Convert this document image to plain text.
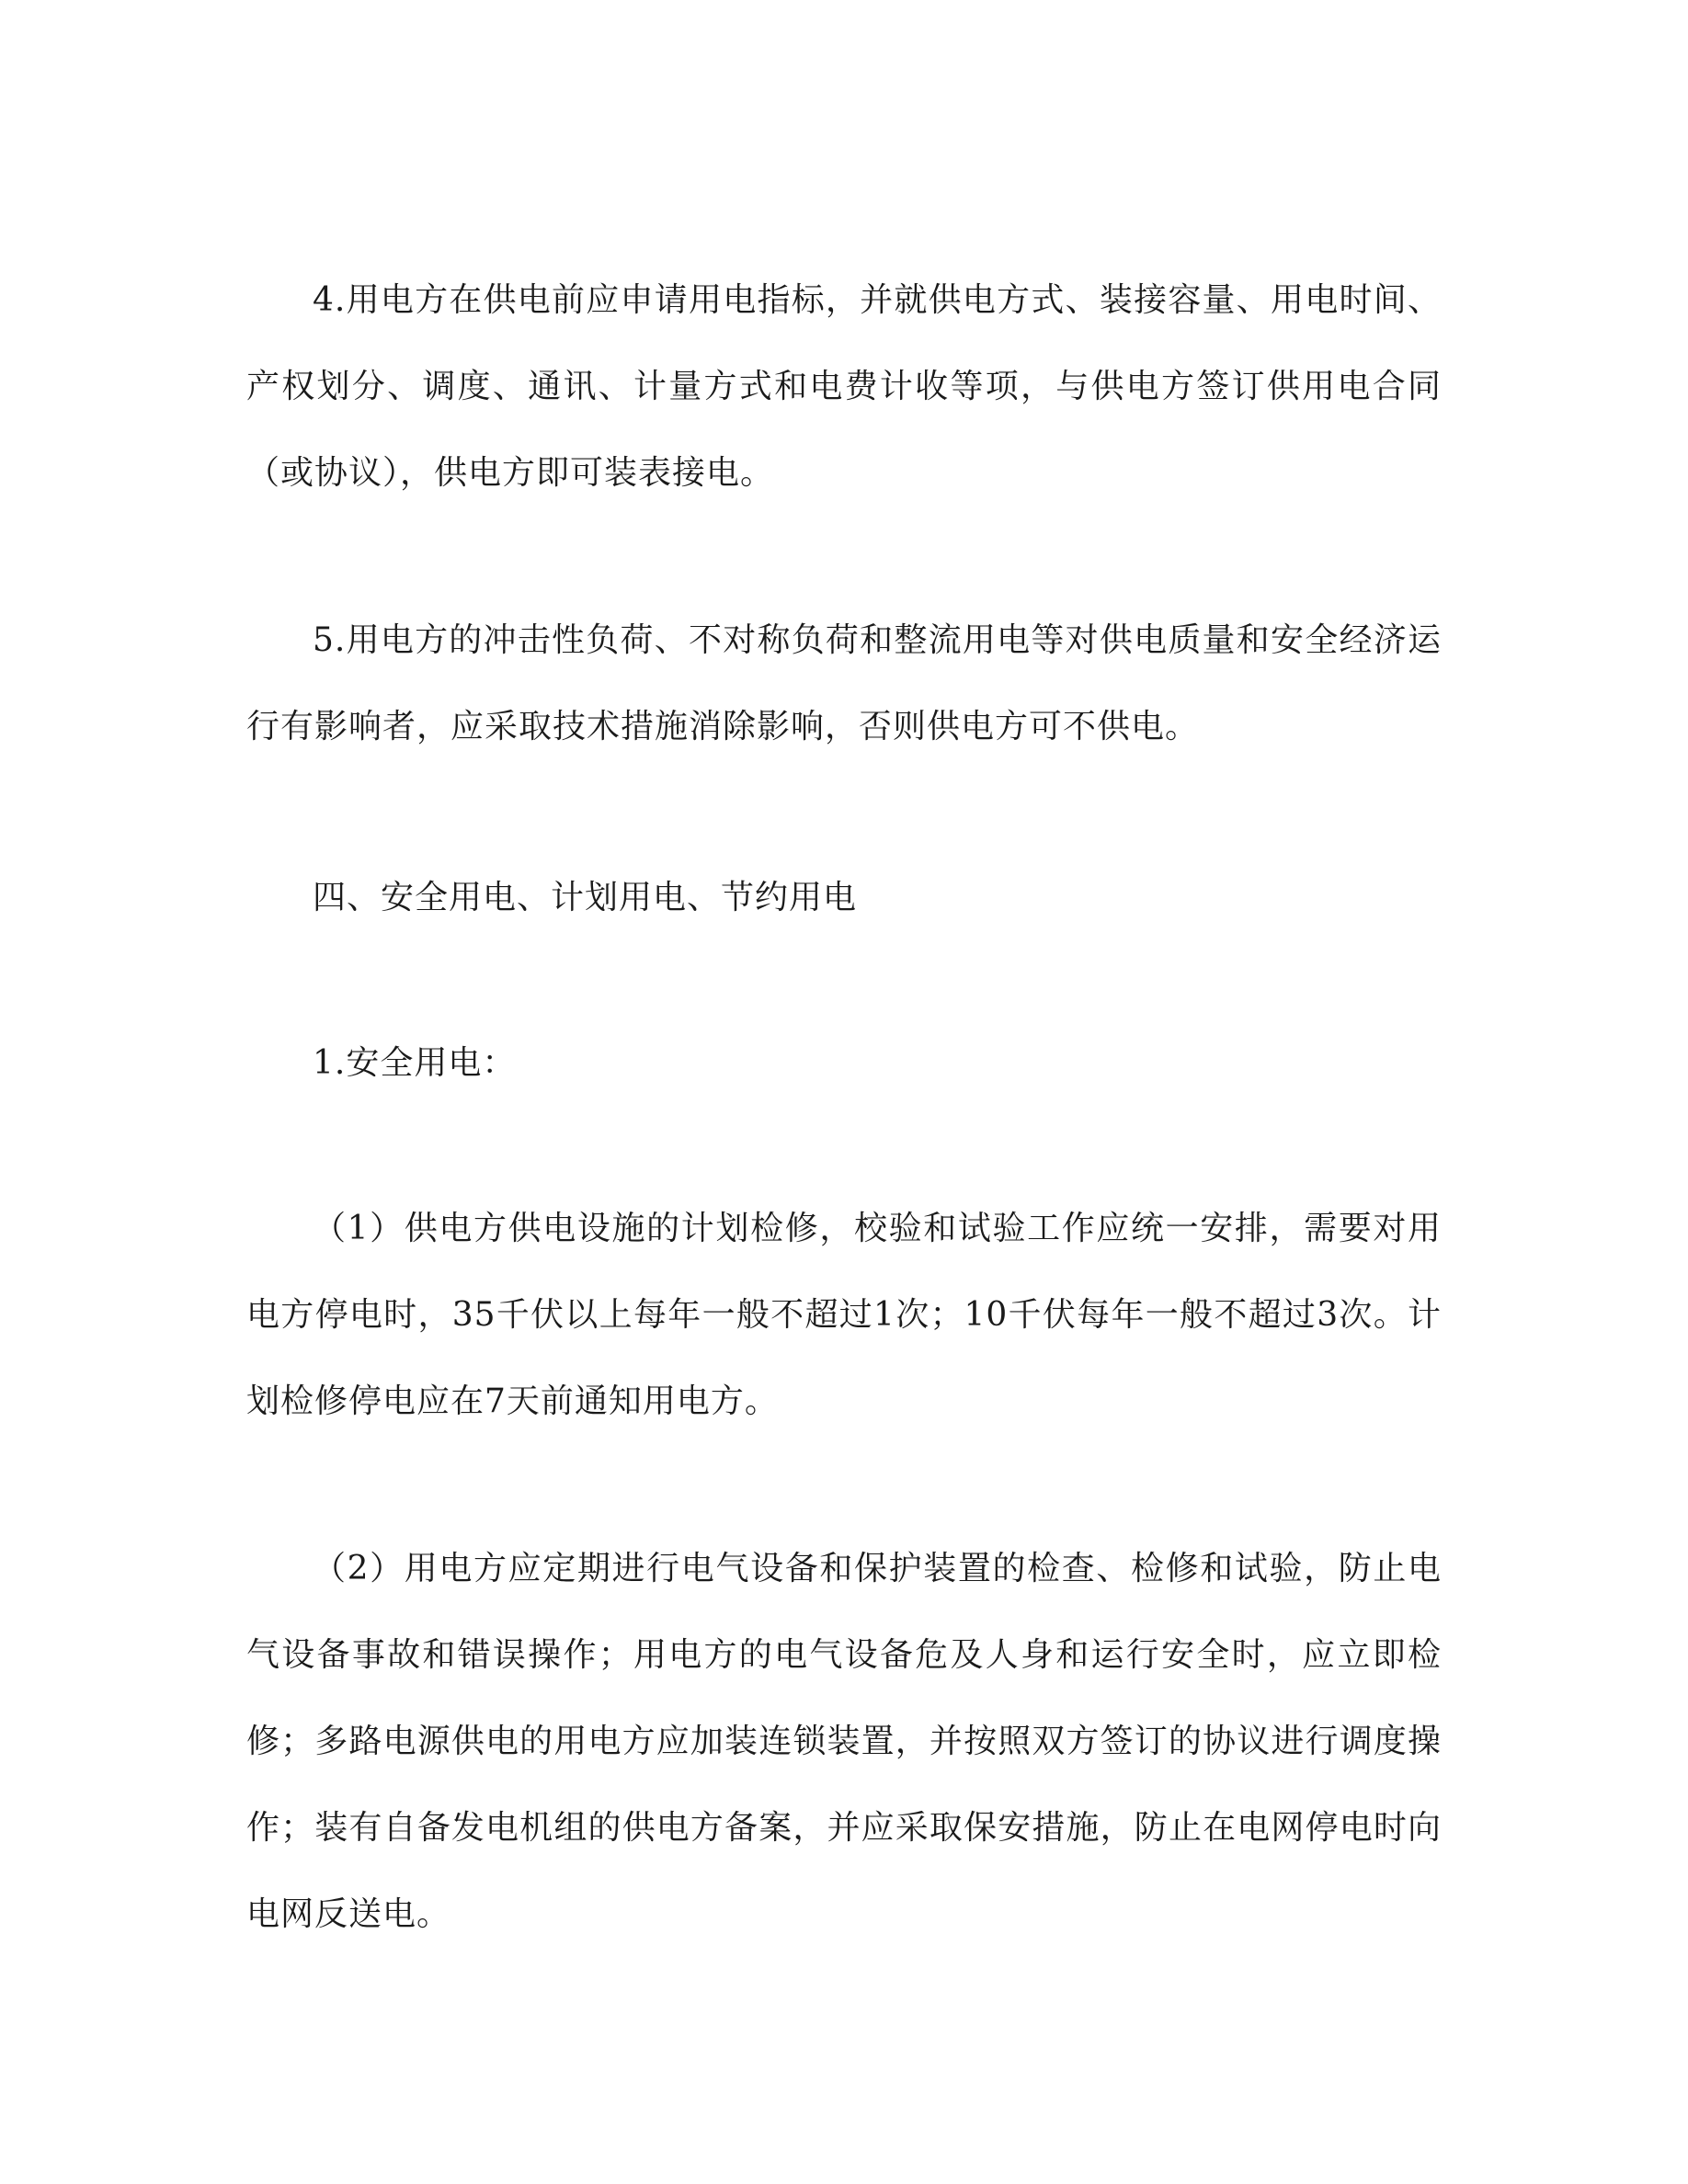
4.用电方在供电前应申请用电指标，并就供电方式、装接容量、用电时间、产权划分、调度、通讯、计量方式和电费计收等项，与供电方签订供用电合同（或协议），供电方即可装表接电。

5.用电方的冲击性负荷、不对称负荷和整流用电等对供电质量和安全经济运行有影响者，应采取技术措施消除影响，否则供电方可不供电。

四、安全用电、计划用电、节约用电

1.安全用电：

（1）供电方供电设施的计划检修，校验和试验工作应统一安排，需要对用电方停电时，35千伏以上每年一般不超过1次；10千伏每年一般不超过3次。计划检修停电应在7天前通知用电方。

（2）用电方应定期进行电气设备和保护装置的检查、检修和试验，防止电气设备事故和错误操作；用电方的电气设备危及人身和运行安全时，应立即检修；多路电源供电的用电方应加装连锁装置，并按照双方签订的协议进行调度操作；装有自备发电机组的供电方备案，并应采取保安措施，防止在电网停电时向电网反送电。
